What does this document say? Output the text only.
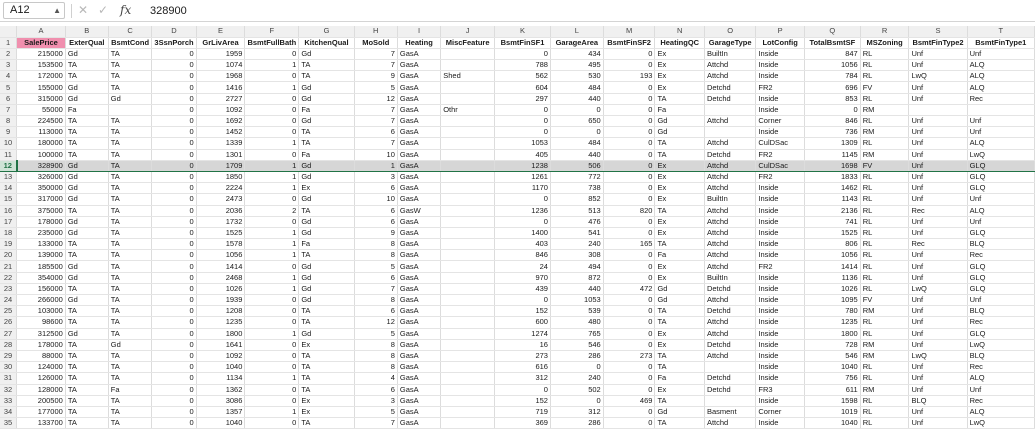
A12	▲ ✕ ✓ fx 328900
	A	B	C	D	E	F	G	H	I	J	K	L	M	N	O	P	Q	R	S	T
1	SalePrice	ExterQual	BsmtCond	3SsnPorch	GrLivArea	BsmtFullBath	KitchenQual	MoSold	Heating	MiscFeature	BsmtFinSF1	GarageArea	BsmtFinSF2	HeatingQC	GarageType	LotConfig	TotalBsmtSF	MSZoning	BsmtFinType2	BsmtFinType1
2	215000	Gd	TA	0	1959	0	Gd	7	GasA		0	434	0	Ex	BuiltIn	Inside	847	RL	Unf	Unf
3	153500	TA	TA	0	1074	1	TA	7	GasA		788	495	0	Ex	Attchd	Inside	1056	RL	Unf	ALQ
4	172000	TA	TA	0	1968	0	TA	9	GasA	Shed	562	530	193	Ex	Attchd	Inside	784	RL	LwQ	ALQ
5	155000	Gd	TA	0	1416	1	Gd	5	GasA		604	484	0	Ex	Detchd	FR2	696	FV	Unf	ALQ
6	315000	Gd	Gd	0	2727	0	Gd	12	GasA		297	440	0	TA	Detchd	Inside	853	RL	Unf	Rec
7	55000	Fa		0	1092	0	Fa	7	GasA	Othr	0	0	0	Fa		Inside	0	RM		
8	224500	TA	TA	0	1692	0	Gd	7	GasA		0	650	0	Gd	Attchd	Corner	846	RL	Unf	Unf
9	113000	TA	TA	0	1452	0	TA	6	GasA		0	0	0	Gd		Inside	736	RM	Unf	Unf
10	180000	TA	TA	0	1339	1	TA	7	GasA		1053	484	0	TA	Attchd	CulDSac	1309	RL	Unf	ALQ
11	100000	TA	TA	0	1301	0	Fa	10	GasA		405	440	0	TA	Detchd	FR2	1145	RM	Unf	LwQ
12	328900	Gd	TA	0	1709	1	Gd	1	GasA		1238	506	0	Ex	Attchd	CulDSac	1698	FV	Unf	GLQ
13	326000	Gd	TA	0	1850	1	Gd	3	GasA		1261	772	0	Ex	Attchd	FR2	1833	RL	Unf	GLQ
14	350000	Gd	TA	0	2224	1	Ex	6	GasA		1170	738	0	Ex	Attchd	Inside	1462	RL	Unf	GLQ
15	317000	Gd	TA	0	2473	0	Gd	10	GasA		0	852	0	Ex	BuiltIn	Inside	1143	RL	Unf	Unf
16	375000	TA	TA	0	2036	2	TA	6	GasW		1236	513	820	TA	Attchd	Inside	2136	RL	Rec	ALQ
17	178000	Gd	TA	0	1732	0	Gd	6	GasA		0	476	0	Ex	Attchd	Inside	741	RL	Unf	Unf
18	235000	Gd	TA	0	1525	1	Gd	9	GasA		1400	541	0	Ex	Attchd	Inside	1525	RL	Unf	GLQ
19	133000	TA	TA	0	1578	1	Fa	8	GasA		403	240	165	TA	Attchd	Inside	806	RL	Rec	BLQ
20	139000	TA	TA	0	1056	1	TA	8	GasA		846	308	0	Fa	Attchd	Inside	1056	RL	Unf	Rec
21	185500	Gd	TA	0	1414	0	Gd	5	GasA		24	494	0	Ex	Attchd	FR2	1414	RL	Unf	GLQ
22	354000	Gd	TA	0	2468	1	Gd	6	GasA		970	872	0	Ex	BuiltIn	Inside	1136	RL	Unf	GLQ
23	156000	TA	TA	0	1026	1	Gd	7	GasA		439	440	472	Gd	Detchd	Inside	1026	RL	LwQ	GLQ
24	266000	Gd	TA	0	1939	0	Gd	8	GasA		0	1053	0	Gd	Attchd	Inside	1095	FV	Unf	Unf
25	103000	TA	TA	0	1208	0	TA	6	GasA		152	539	0	TA	Detchd	Inside	780	RM	Unf	BLQ
26	98600	TA	TA	0	1235	0	TA	12	GasA		600	480	0	TA	Attchd	Inside	1235	RL	Unf	Rec
27	312500	Gd	TA	0	1800	1	Gd	5	GasA		1274	765	0	Ex	Attchd	Inside	1800	RL	Unf	GLQ
28	178000	TA	Gd	0	1641	0	Ex	8	GasA		16	546	0	Ex	Detchd	Inside	728	RM	Unf	LwQ
29	88000	TA	TA	0	1092	0	TA	8	GasA		273	286	273	TA	Attchd	Inside	546	RM	LwQ	BLQ
30	124000	TA	TA	0	1040	0	TA	8	GasA		616	0	0	TA		Inside	1040	RL	Unf	Rec
31	126000	TA	TA	0	1134	1	TA	4	GasA		312	240	0	Fa	Detchd	Inside	756	RL	Unf	ALQ
32	128000	TA	Fa	0	1362	0	TA	6	GasA		0	502	0	Ex	Detchd	FR3	611	RM	Unf	Unf
33	200500	TA	TA	0	3086	0	Ex	3	GasA		152	0	469	TA		Inside	1598	RL	BLQ	Rec
34	177000	TA	TA	0	1357	1	Ex	5	GasA		719	312	0	Gd	Basment	Corner	1019	RL	Unf	ALQ
35	133700	TA	TA	0	1040	0	TA	7	GasA		369	286	0	TA	Attchd	Inside	1040	RL	Unf	LwQ
